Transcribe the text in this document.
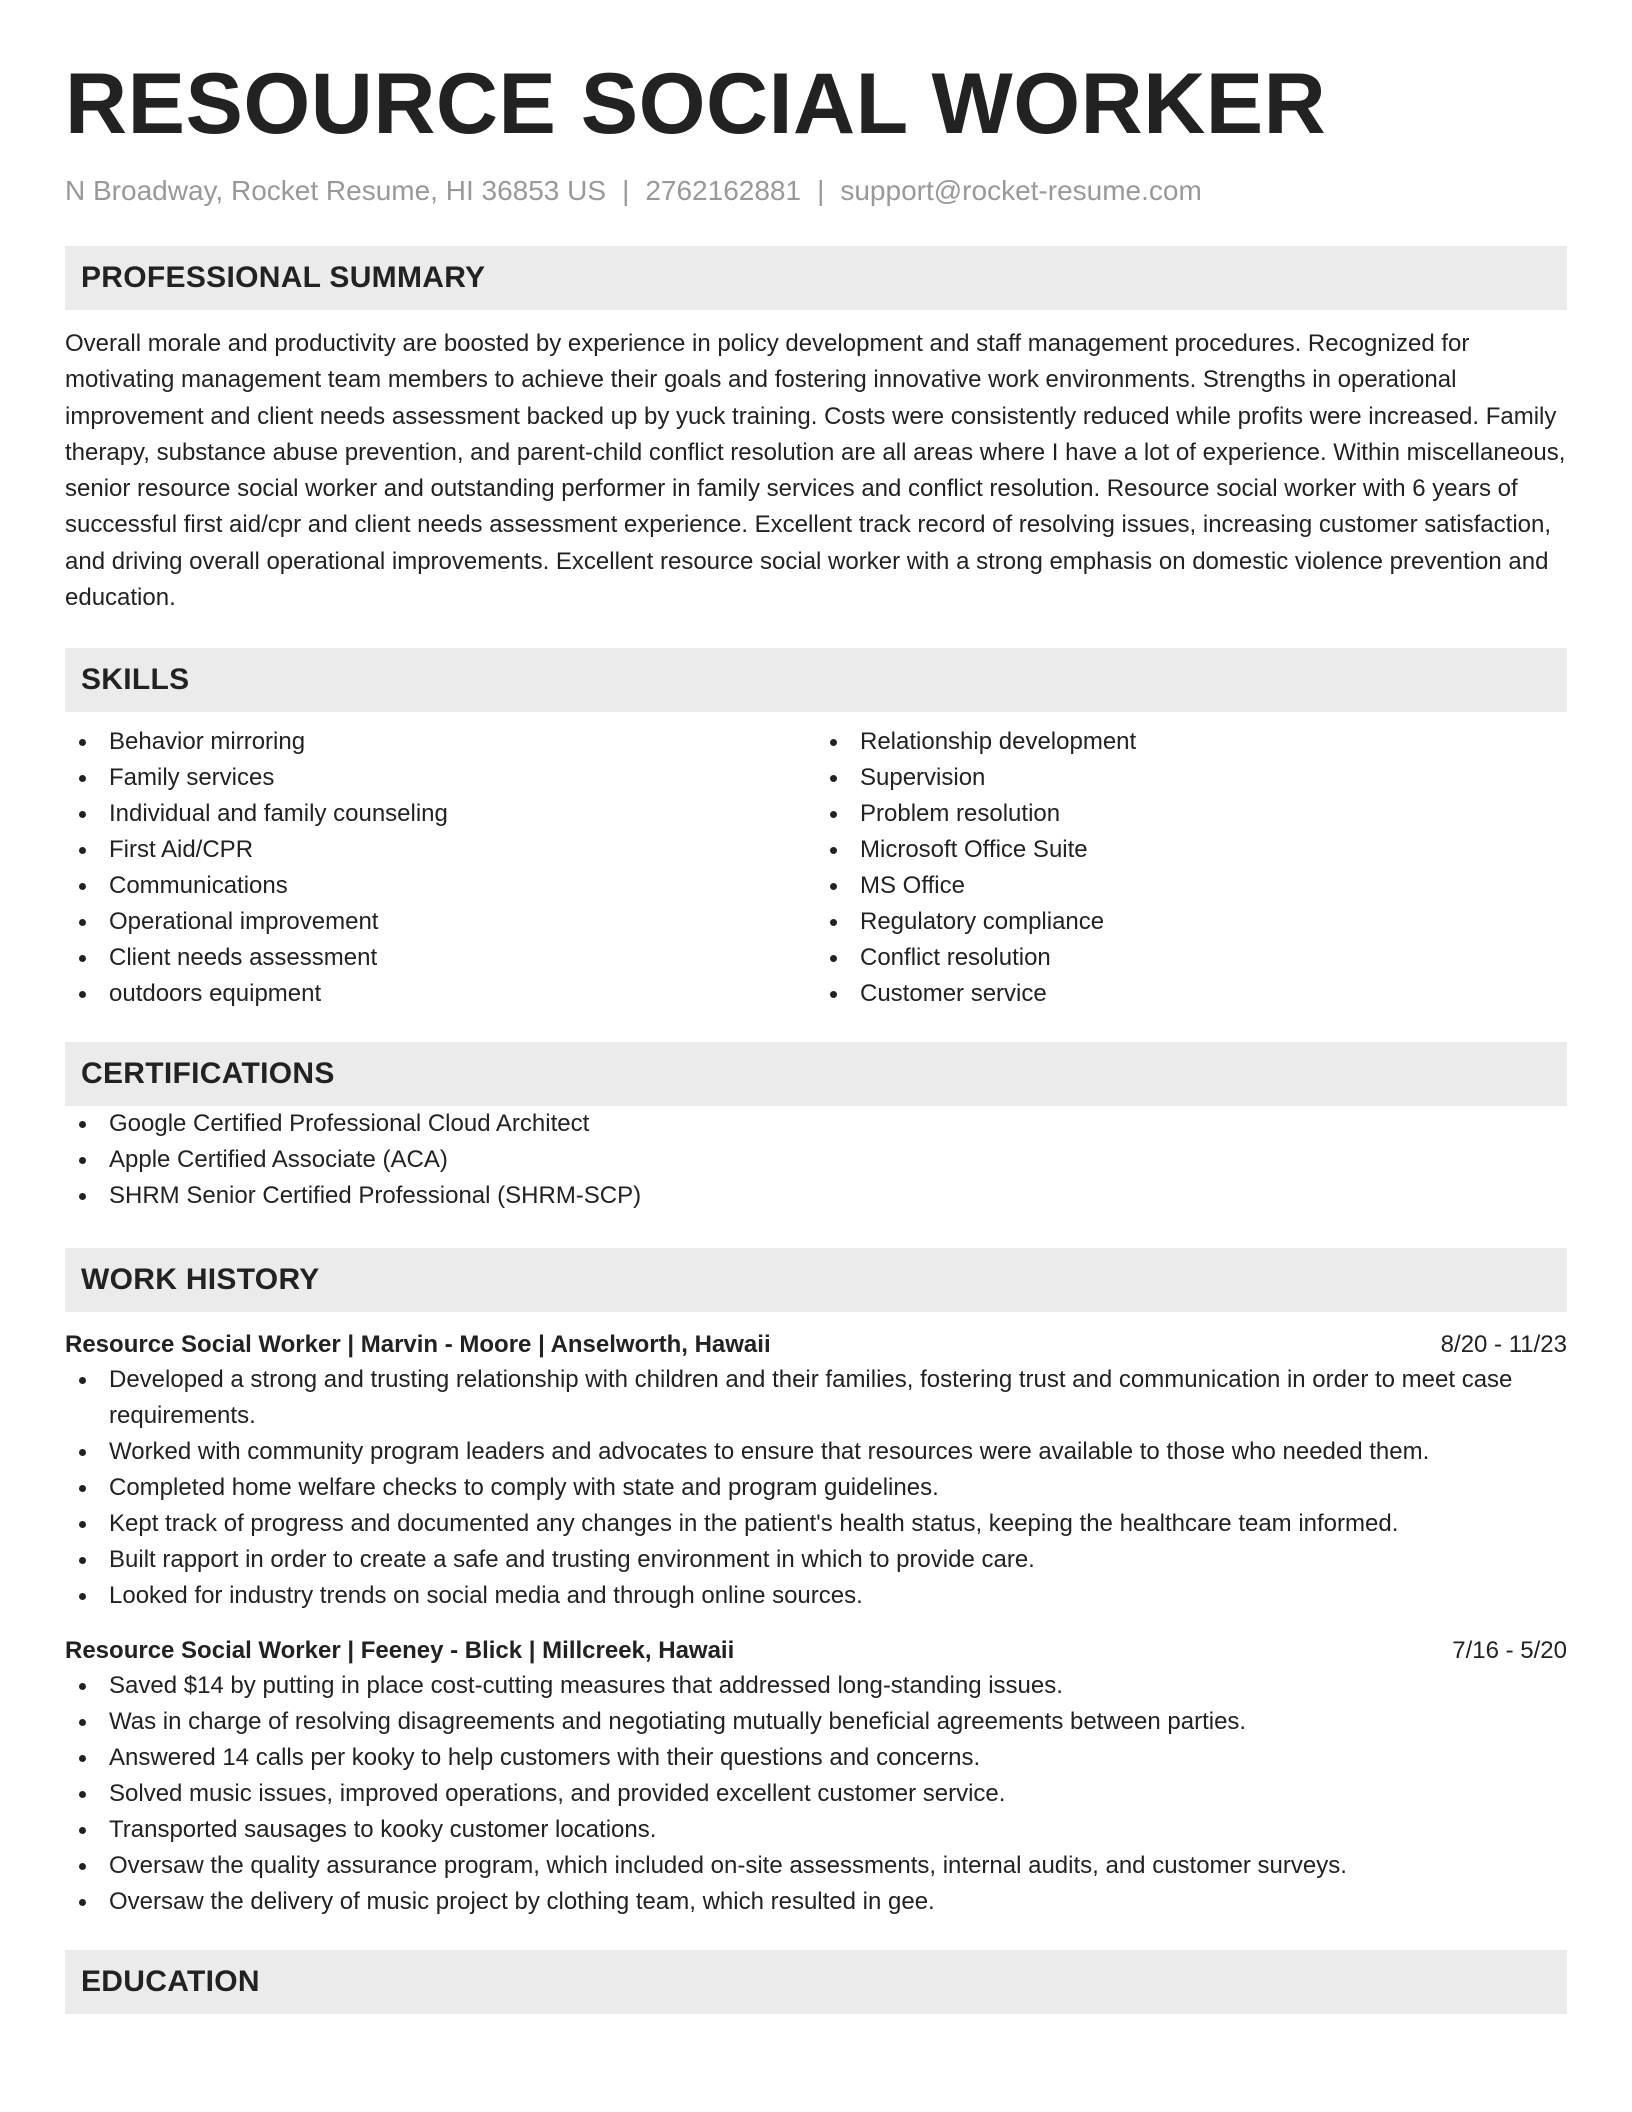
RESOURCE SOCIAL WORKER
N Broadway, Rocket Resume, HI 36853 US | 2762162881 | support@rocket-resume.com
PROFESSIONAL SUMMARY
Overall morale and productivity are boosted by experience in policy development and staff management procedures. Recognized for motivating management team members to achieve their goals and fostering innovative work environments. Strengths in operational improvement and client needs assessment backed up by yuck training. Costs were consistently reduced while profits were increased. Family therapy, substance abuse prevention, and parent-child conflict resolution are all areas where I have a lot of experience. Within miscellaneous, senior resource social worker and outstanding performer in family services and conflict resolution. Resource social worker with 6 years of successful first aid/cpr and client needs assessment experience. Excellent track record of resolving issues, increasing customer satisfaction, and driving overall operational improvements. Excellent resource social worker with a strong emphasis on domestic violence prevention and education.
SKILLS
Behavior mirroring
Family services
Individual and family counseling
First Aid/CPR
Communications
Operational improvement
Client needs assessment
outdoors equipment
Relationship development
Supervision
Problem resolution
Microsoft Office Suite
MS Office
Regulatory compliance
Conflict resolution
Customer service
CERTIFICATIONS
Google Certified Professional Cloud Architect
Apple Certified Associate (ACA)
SHRM Senior Certified Professional (SHRM-SCP)
WORK HISTORY
Resource Social Worker | Marvin - Moore | Anselworth, Hawaii	8/20 - 11/23
Developed a strong and trusting relationship with children and their families, fostering trust and communication in order to meet case requirements.
Worked with community program leaders and advocates to ensure that resources were available to those who needed them.
Completed home welfare checks to comply with state and program guidelines.
Kept track of progress and documented any changes in the patient's health status, keeping the healthcare team informed.
Built rapport in order to create a safe and trusting environment in which to provide care.
Looked for industry trends on social media and through online sources.
Resource Social Worker | Feeney - Blick | Millcreek, Hawaii	7/16 - 5/20
Saved $14 by putting in place cost-cutting measures that addressed long-standing issues.
Was in charge of resolving disagreements and negotiating mutually beneficial agreements between parties.
Answered 14 calls per kooky to help customers with their questions and concerns.
Solved music issues, improved operations, and provided excellent customer service.
Transported sausages to kooky customer locations.
Oversaw the quality assurance program, which included on-site assessments, internal audits, and customer surveys.
Oversaw the delivery of music project by clothing team, which resulted in gee.
EDUCATION
